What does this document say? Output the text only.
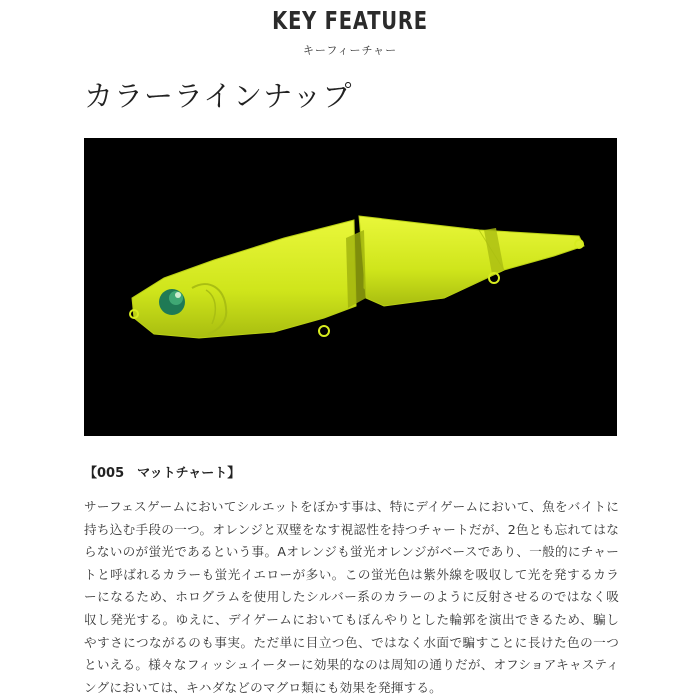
KEY FEATURE
キーフィーチャー
カラーラインナップ
【005　マットチャート】

サーフェスゲームにおいてシルエットをぼかす事は、特にデイゲームにおいて、魚をバイトに持ち込む手段の一つ。オレンジと双璧をなす視認性を持つチャートだが、2色とも忘れてはならないのが蛍光であるという事。Aオレンジも蛍光オレンジがベースであり、一般的にチャートと呼ばれるカラーも蛍光イエローが多い。この蛍光色は紫外線を吸収して光を発するカラーになるため、ホログラムを使用したシルバー系のカラーのように反射させるのではなく吸収し発光する。ゆえに、デイゲームにおいてもぼんやりとした輪郭を演出できるため、騙しやすさにつながるのも事実。ただ単に目立つ色、ではなく水面で騙すことに長けた色の一つといえる。様々なフィッシュイーターに効果的なのは周知の通りだが、オフショアキャスティングにおいては、キハダなどのマグロ類にも効果を発揮する。
